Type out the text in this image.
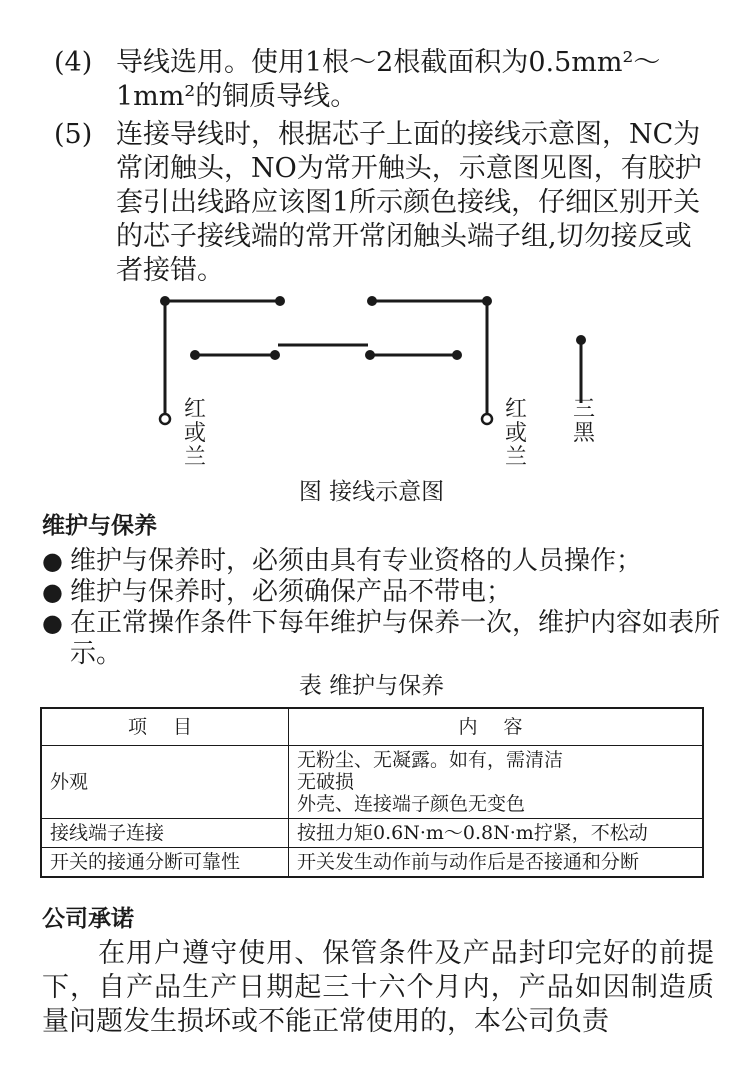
(4) 导线选用。使用1根～2根截面积为0.5mm²～1mm²的铜质导线。
(5) 连接导线时，根据芯子上面的接线示意图，NC为常闭触头，NO为常开触头，示意图见图，有胶护套引出线路应该图1所示颜色接线，仔细区别开关的芯子接线端的常开常闭触头端子组,切勿接反或者接错。
红或兰
红或兰
三黑
图 接线示意图
维护与保养
● 维护与保养时，必须由具有专业资格的人员操作；
● 维护与保养时，必须确保产品不带电；
● 在正常操作条件下每年维护与保养一次，维护内容如表所示。
表 维护与保养
项 目	内 容
外观	无粉尘、无凝露。如有，需清洁
无破损
外壳、连接端子颜色无变色

接线端子连接	按扭力矩0.6N·m～0.8N·m拧紧，不松动
开关的接通分断可靠性	开关发生动作前与动作后是否接通和分断
公司承诺
在用户遵守使用、保管条件及产品封印完好的前提下，自产品生产日期起三十六个月内，产品如因制造质量问题发生损坏或不能正常使用的，本公司负责
